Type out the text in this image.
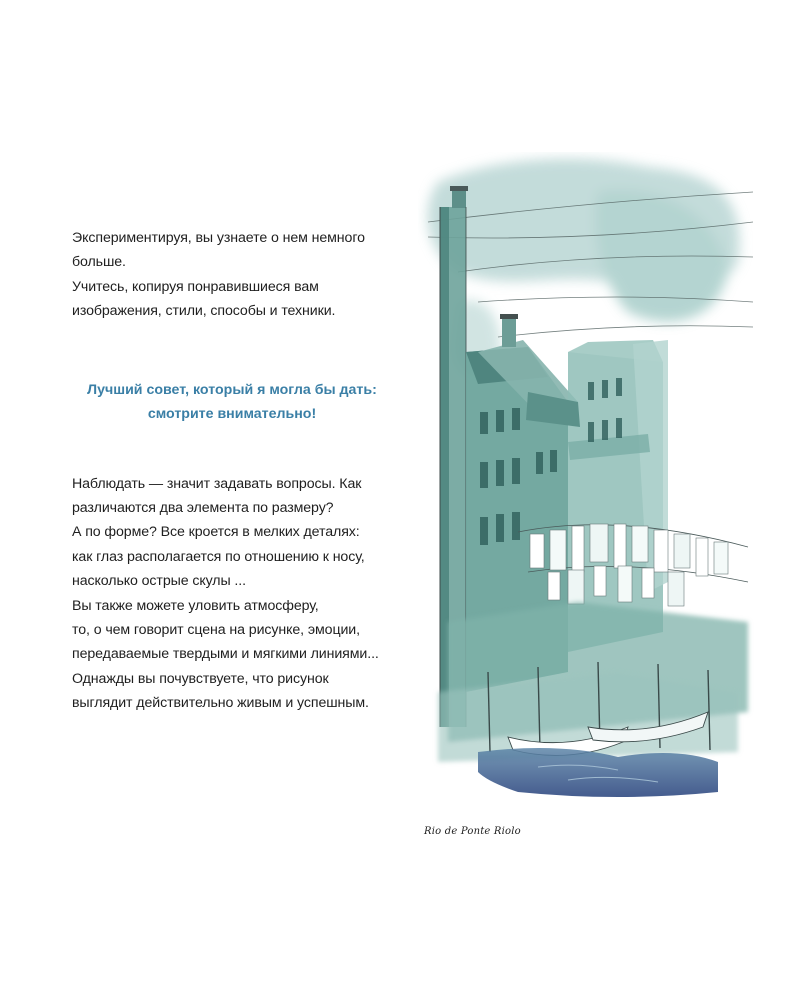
Экспериментируя, вы узнаете о нем немного
больше.
Учитесь, копируя понравившиеся вам
изображения, стили, способы и техники.

Лучший совет, который я могла бы дать:
смотрите внимательно!

Наблюдать — значит задавать вопросы. Как
различаются два элемента по размеру?
А по форме? Все кроется в мелких деталях:
как глаз располагается по отношению к носу,
насколько острые скулы ...
Вы также можете уловить атмосферу,
то, о чем говорит сцена на рисунке, эмоции,
передаваемые твердыми и мягкими линиями...
Однажды вы почувствуете, что рисунок
выглядит действительно живым и успешным.

Rio de Ponte Riolo
